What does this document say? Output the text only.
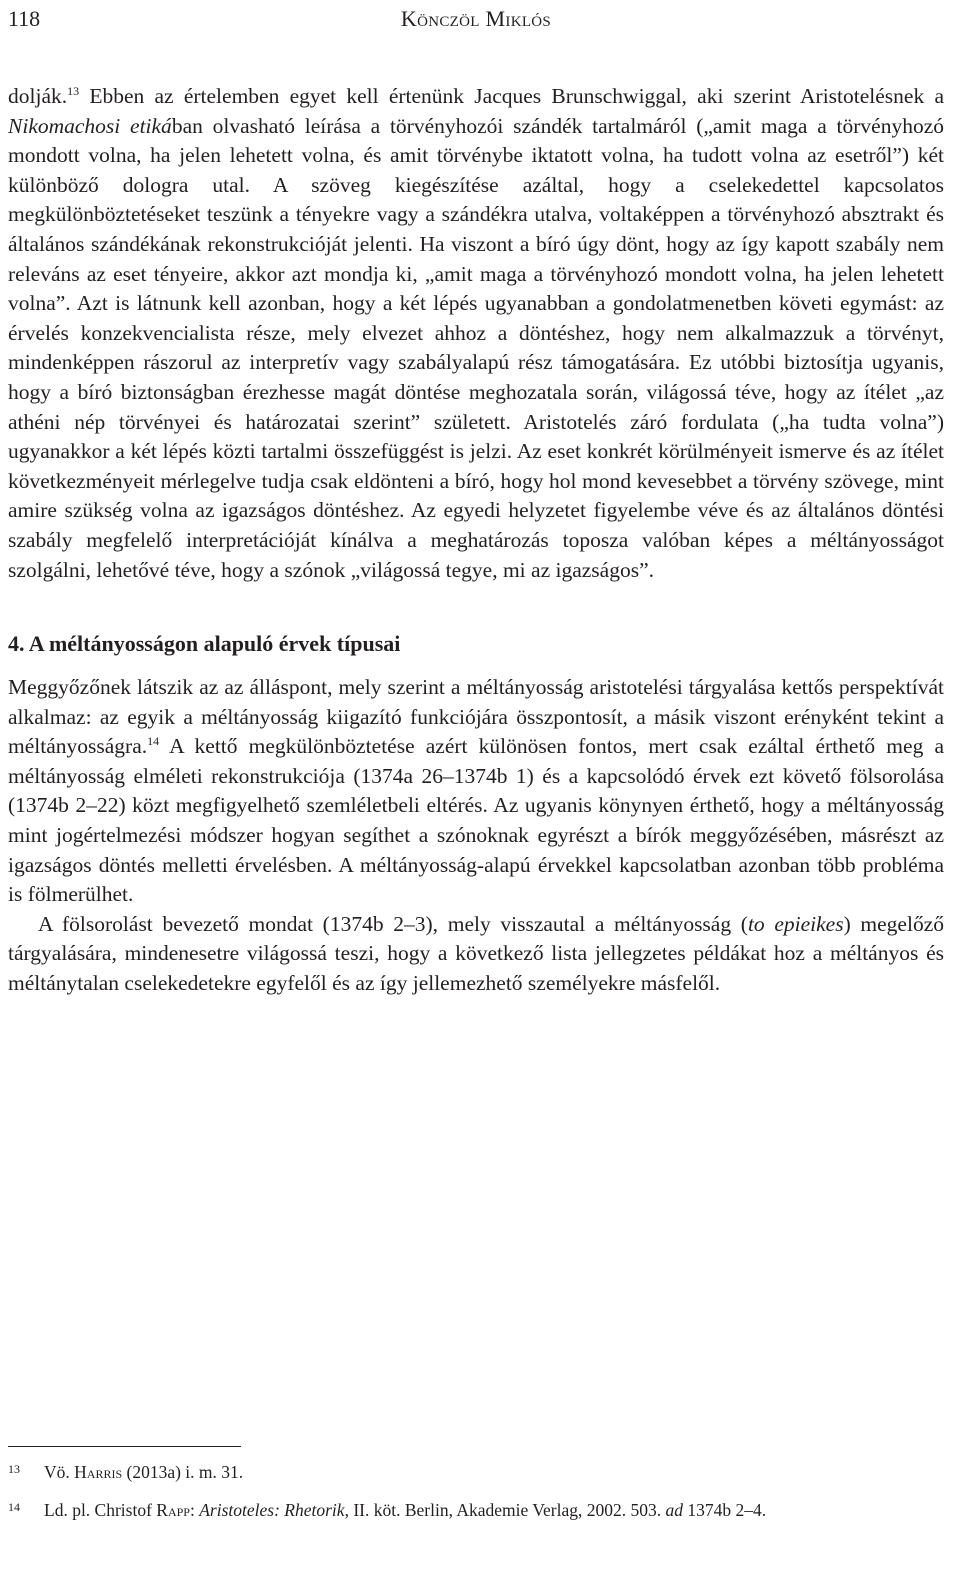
118	Könczöl Miklós

dolják.$^{13}$ Ebben az értelemben egyet kell értenünk Jacques Brunschwiggal, aki szerint Aristotelésnek a Nikomachosi etikában olvasható leírása a törvényhozói szándék tartalmáról („amit maga a törvényhozó mondott volna, ha jelen lehetett volna, és amit törvénybe iktatott volna, ha tudott volna az esetről”) két különböző dologra utal. A szöveg kiegészítése azáltal, hogy a cselekedettel kapcsolatos megkülönböztetéseket teszünk a tényekre vagy a szándékra utalva, voltaképpen a törvényhozó absztrakt és általános szándékának rekonstrukcióját jelenti. Ha viszont a bíró úgy dönt, hogy az így kapott szabály nem releváns az eset tényeire, akkor azt mondja ki, „amit maga a törvényhozó mondott volna, ha jelen lehetett volna”. Azt is látnunk kell azonban, hogy a két lépés ugyanabban a gondolatmenetben követi egymást: az érvelés konzekvencialista része, mely elvezet ahhoz a döntéshez, hogy nem alkalmazzuk a törvényt, mindenképpen rászorul az interpretív vagy szabályalapú rész támogatására. Ez utóbbi biztosítja ugyanis, hogy a bíró biztonságban érezhesse magát döntése meghozatala során, világossá téve, hogy az ítélet „az athéni nép törvényei és határozatai szerint” született. Aristotelés záró fordulata („ha tudta volna”) ugyanakkor a két lépés közti tartalmi összefüggést is jelzi. Az eset konkrét körülményeit ismerve és az ítélet következményeit mérlegelve tudja csak eldönteni a bíró, hogy hol mond kevesebbet a törvény szövege, mint amire szükség volna az igazságos döntéshez. Az egyedi helyzetet figyelembe véve és az általános döntési szabály megfelelő interpretációját kínálva a meghatározás toposza valóban képes a méltányosságot szolgálni, lehetővé téve, hogy a szónok „világossá tegye, mi az igazságos”.

4. A méltányosságon alapuló érvek típusai

Meggyőzőnek látszik az az álláspont, mely szerint a méltányosság aristotelési tárgyalása kettős perspektívát alkalmaz: az egyik a méltányosság kiigazító funkciójára összpontosít, a másik viszont erényként tekint a méltányosságra.$^{14}$ A kettő megkülönböztetése azért különösen fontos, mert csak ezáltal érthető meg a méltányosság elméleti rekonstrukciója (1374a 26–1374b 1) és a kapcsolódó érvek ezt követő fölsorolása (1374b 2–22) közt megfigyelhető szemléletbeli eltérés. Az ugyanis könynyen érthető, hogy a méltányosság mint jogértelmezési módszer hogyan segíthet a szónoknak egyrészt a bírók meggyőzésében, másrészt az igazságos döntés melletti érvelésben. A méltányosság-alapú érvekkel kapcsolatban azonban több probléma is fölmerülhet.

A fölsorolást bevezető mondat (1374b 2–3), mely visszautal a méltányosság (to epieikes) megelőző tárgyalására, mindenesetre világossá teszi, hogy a következő lista jellegzetes példákat hoz a méltányos és méltánytalan cselekedetekre egyfelől és az így jellemezhető személyekre másfelől.

13 Vö. Harris (2013a) i. m. 31.
14 Ld. pl. Christof Rapp: Aristoteles: Rhetorik, II. köt. Berlin, Akademie Verlag, 2002. 503. ad 1374b 2–4.
